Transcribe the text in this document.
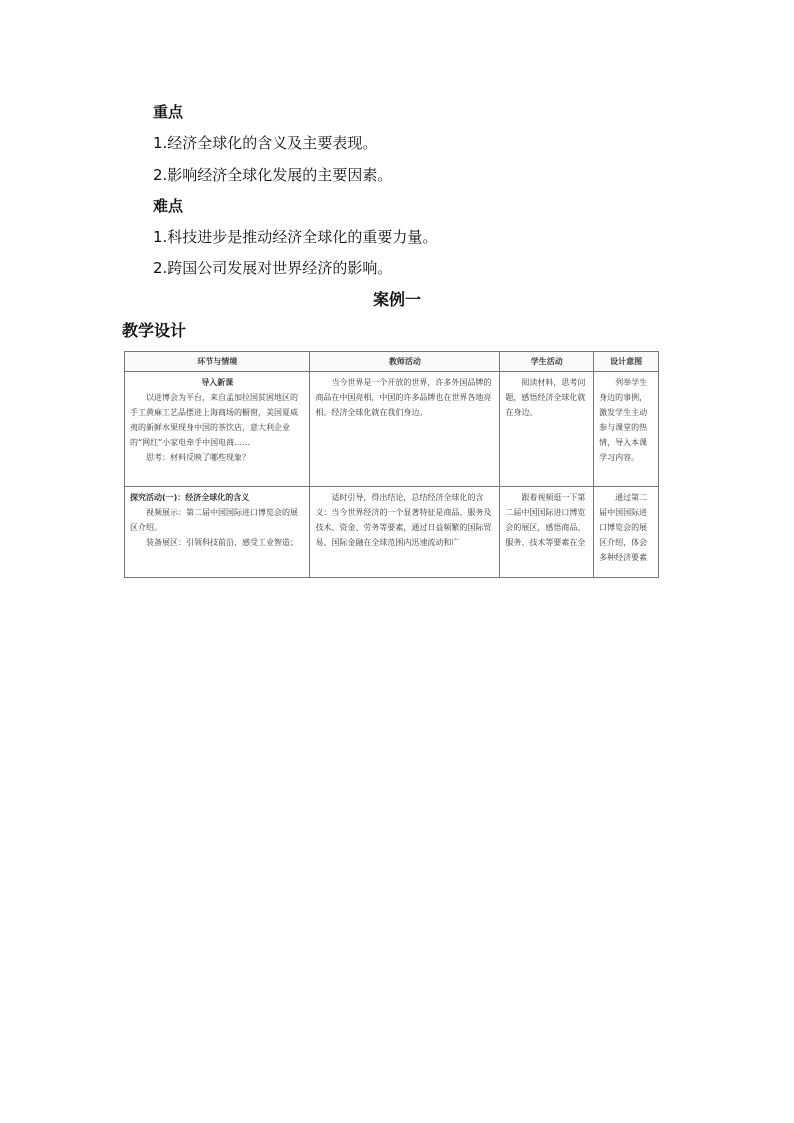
重点
1.经济全球化的含义及主要表现。
2.影响经济全球化发展的主要因素。
难点
1.科技进步是推动经济全球化的重要力量。
2.跨国公司发展对世界经济的影响。
案例一
教学设计
环节与情境	教师活动	学生活动	设计意图

导入新课
以进博会为平台，来自孟加拉国贫困地区的手工黄麻工艺品摆进上海商场的橱窗，美国夏威夷的新鲜水果现身中国的茶饮店，意大利企业的“网红”小家电牵手中国电商……
思考：材料反映了哪些现象？	当今世界是一个开放的世界，许多外国品牌的商品在中国亮相，中国的许多品牌也在世界各地亮相。经济全球化就在我们身边。	阅读材料，思考问题，感悟经济全球化就在身边。	列举学生身边的事例，激发学生主动参与课堂的热情，导入本课学习内容。

探究活动(一)：经济全球化的含义
视频展示：第二届中国国际进口博览会的展区介绍。
装备展区：引领科技前沿，感受工业智造；	适时引导，得出结论，总结经济全球化的含义：当今世界经济的一个显著特征是商品、服务及技术、资金、劳务等要素，通过日益频繁的国际贸易、国际金融在全球范围内迅速流动和广	跟着视频逛一下第二届中国国际进口博览会的展区，感悟商品、服务、技术等要素在全	通过第二届中国国际进口博览会的展区介绍，体会多种经济要素
